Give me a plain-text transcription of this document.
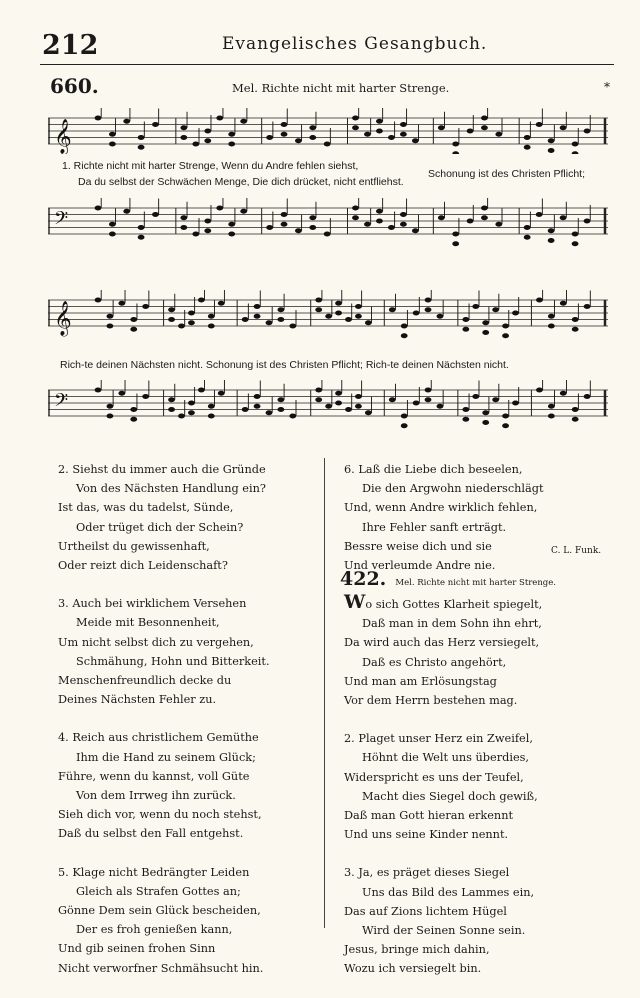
212	Evangelisches Gesangbuch.
660.	Mel. Richte nicht mit harter Strenge.	*
𝄞
1. Richte nicht mit harter Strenge, Wenn du Andre fehlen siehst,
Da du selbst der Schwächen Menge, Die dich drücket, nicht entfliehst.
Schonung ist des Christen Pflicht;
𝄢
𝄞
Rich-te deinen Nächsten nicht. Schonung ist des Christen Pflicht; Rich-te deinen Nächsten nicht.
𝄢
2. Siehst du immer auch die Gründe
Von des Nächsten Handlung ein?
Ist das, was du tadelst, Sünde,
Oder trüget dich der Schein?
Urtheilst du gewissenhaft,
Oder reizt dich Leidenschaft?
3. Auch bei wirklichem Versehen
Meide mit Besonnenheit,
Um nicht selbst dich zu vergehen,
Schmähung, Hohn und Bitterkeit.
Menschenfreundlich decke du
Deines Nächsten Fehler zu.
4. Reich aus christlichem Gemüthe
Ihm die Hand zu seinem Glück;
Führe, wenn du kannst, voll Güte
Von dem Irrweg ihn zurück.
Sieh dich vor, wenn du noch stehst,
Daß du selbst den Fall entgehst.
5. Klage nicht Bedrängter Leiden
Gleich als Strafen Gottes an;
Gönne Dem sein Glück bescheiden,
Der es froh genießen kann,
Und gib seinen frohen Sinn
Nicht verworfner Schmähsucht hin.
6. Laß die Liebe dich beseelen,
Die den Argwohn niederschlägt
Und, wenn Andre wirklich fehlen,
Ihre Fehler sanft erträgt.
Bessre weise dich und sie
Und verleumde Andre nie.
C. L. Funk.
422. Mel. Richte nicht mit harter Strenge.
Wo sich Gottes Klarheit spiegelt,
Daß man in dem Sohn ihn ehrt,
Da wird auch das Herz versiegelt,
Daß es Christo angehört,
Und man am Erlösungstag
Vor dem Herrn bestehen mag.
2. Plaget unser Herz ein Zweifel,
Höhnt die Welt uns überdies,
Widerspricht es uns der Teufel,
Macht dies Siegel doch gewiß,
Daß man Gott hieran erkennt
Und uns seine Kinder nennt.
3. Ja, es präget dieses Siegel
Uns das Bild des Lammes ein,
Das auf Zions lichtem Hügel
Wird der Seinen Sonne sein.
Jesus, bringe mich dahin,
Wozu ich versiegelt bin.
